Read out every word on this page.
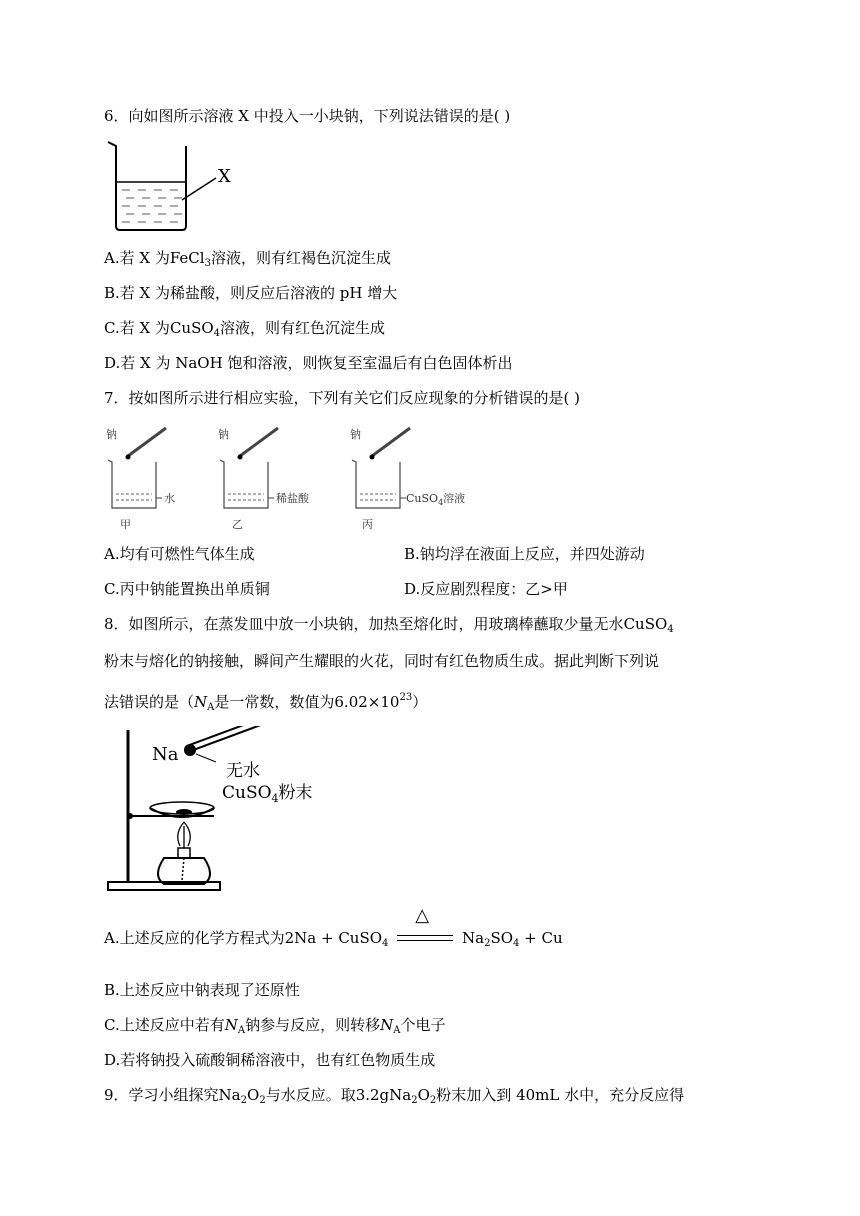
6．向如图所示溶液 X 中投入一小块钠，下列说法错误的是( )
X
A.若 X 为FeCl$_3$溶液，则有红褐色沉淀生成
B.若 X 为稀盐酸，则反应后溶液的 pH 增大
C.若 X 为CuSO$_4$溶液，则有红色沉淀生成
D.若 X 为 NaOH 饱和溶液，则恢复至室温后有白色固体析出
7．按如图所示进行相应实验，下列有关它们反应现象的分析错误的是( )
钠
水
甲
钠
稀盐酸
乙
钠
CuSO$_4$溶液
丙
A.均有可燃性气体生成	B.钠均浮在液面上反应，并四处游动
C.丙中钠能置换出单质铜	D.反应剧烈程度：乙>甲
8．如图所示，在蒸发皿中放一小块钠，加热至熔化时，用玻璃棒蘸取少量无水CuSO$_4$
粉末与熔化的钠接触，瞬间产生耀眼的火花，同时有红色物质生成。据此判断下列说
法错误的是（$N_A$是一常数，数值为$6.02\times 10^{23}$）
Na
无水
CuSO$_4$粉末
A.上述反应的化学方程式为2Na + CuSO$_4$
△
$Na_2SO_4 + Cu$
B.上述反应中钠表现了还原性
C.上述反应中若有$N_A$钠参与反应，则转移$N_A$个电子
D.若将钠投入硫酸铜稀溶液中，也有红色物质生成
9．学习小组探究$Na_2O_2$与水反应。取$3.2gNa_2O_2$粉末加入到 40mL 水中，充分反应得
